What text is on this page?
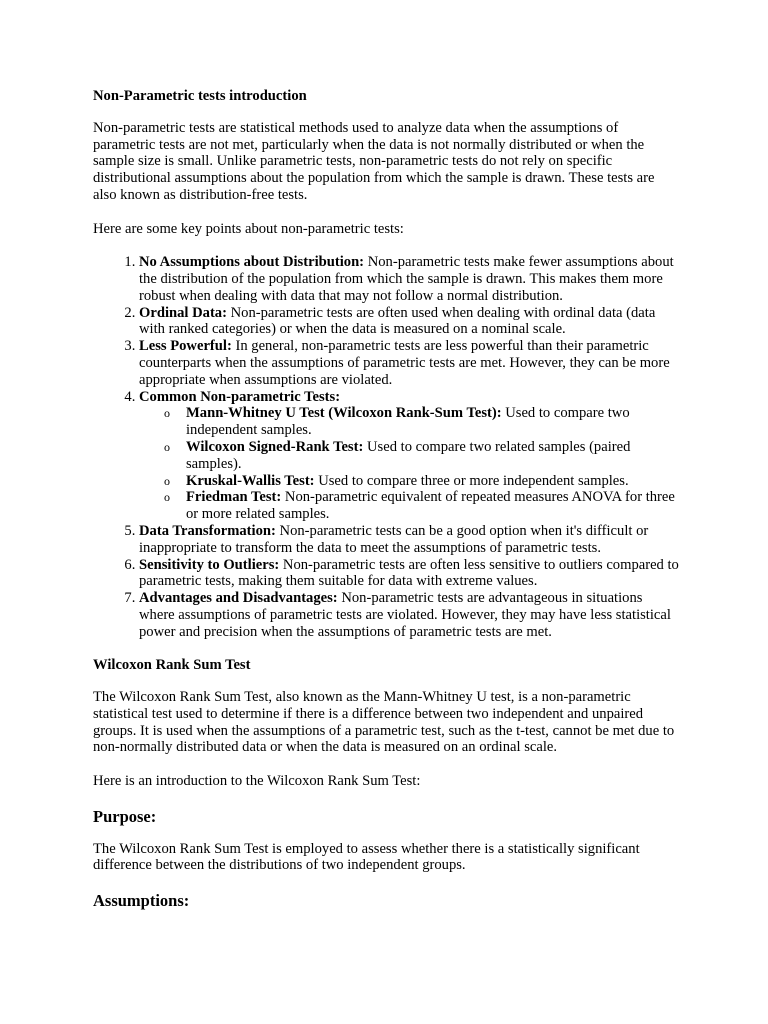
Non-Parametric tests introduction
Non-parametric tests are statistical methods used to analyze data when the assumptions of parametric tests are not met, particularly when the data is not normally distributed or when the sample size is small. Unlike parametric tests, non-parametric tests do not rely on specific distributional assumptions about the population from which the sample is drawn. These tests are also known as distribution-free tests.
Here are some key points about non-parametric tests:
1. No Assumptions about Distribution: Non-parametric tests make fewer assumptions about the distribution of the population from which the sample is drawn. This makes them more robust when dealing with data that may not follow a normal distribution.
2. Ordinal Data: Non-parametric tests are often used when dealing with ordinal data (data with ranked categories) or when the data is measured on a nominal scale.
3. Less Powerful: In general, non-parametric tests are less powerful than their parametric counterparts when the assumptions of parametric tests are met. However, they can be more appropriate when assumptions are violated.
4. Common Non-parametric Tests:
o Mann-Whitney U Test (Wilcoxon Rank-Sum Test): Used to compare two independent samples.
o Wilcoxon Signed-Rank Test: Used to compare two related samples (paired samples).
o Kruskal-Wallis Test: Used to compare three or more independent samples.
o Friedman Test: Non-parametric equivalent of repeated measures ANOVA for three or more related samples.
5. Data Transformation: Non-parametric tests can be a good option when it's difficult or inappropriate to transform the data to meet the assumptions of parametric tests.
6. Sensitivity to Outliers: Non-parametric tests are often less sensitive to outliers compared to parametric tests, making them suitable for data with extreme values.
7. Advantages and Disadvantages: Non-parametric tests are advantageous in situations where assumptions of parametric tests are violated. However, they may have less statistical power and precision when the assumptions of parametric tests are met.
Wilcoxon Rank Sum Test
The Wilcoxon Rank Sum Test, also known as the Mann-Whitney U test, is a non-parametric statistical test used to determine if there is a difference between two independent and unpaired groups. It is used when the assumptions of a parametric test, such as the t-test, cannot be met due to non-normally distributed data or when the data is measured on an ordinal scale.
Here is an introduction to the Wilcoxon Rank Sum Test:
Purpose:
The Wilcoxon Rank Sum Test is employed to assess whether there is a statistically significant difference between the distributions of two independent groups.
Assumptions:
